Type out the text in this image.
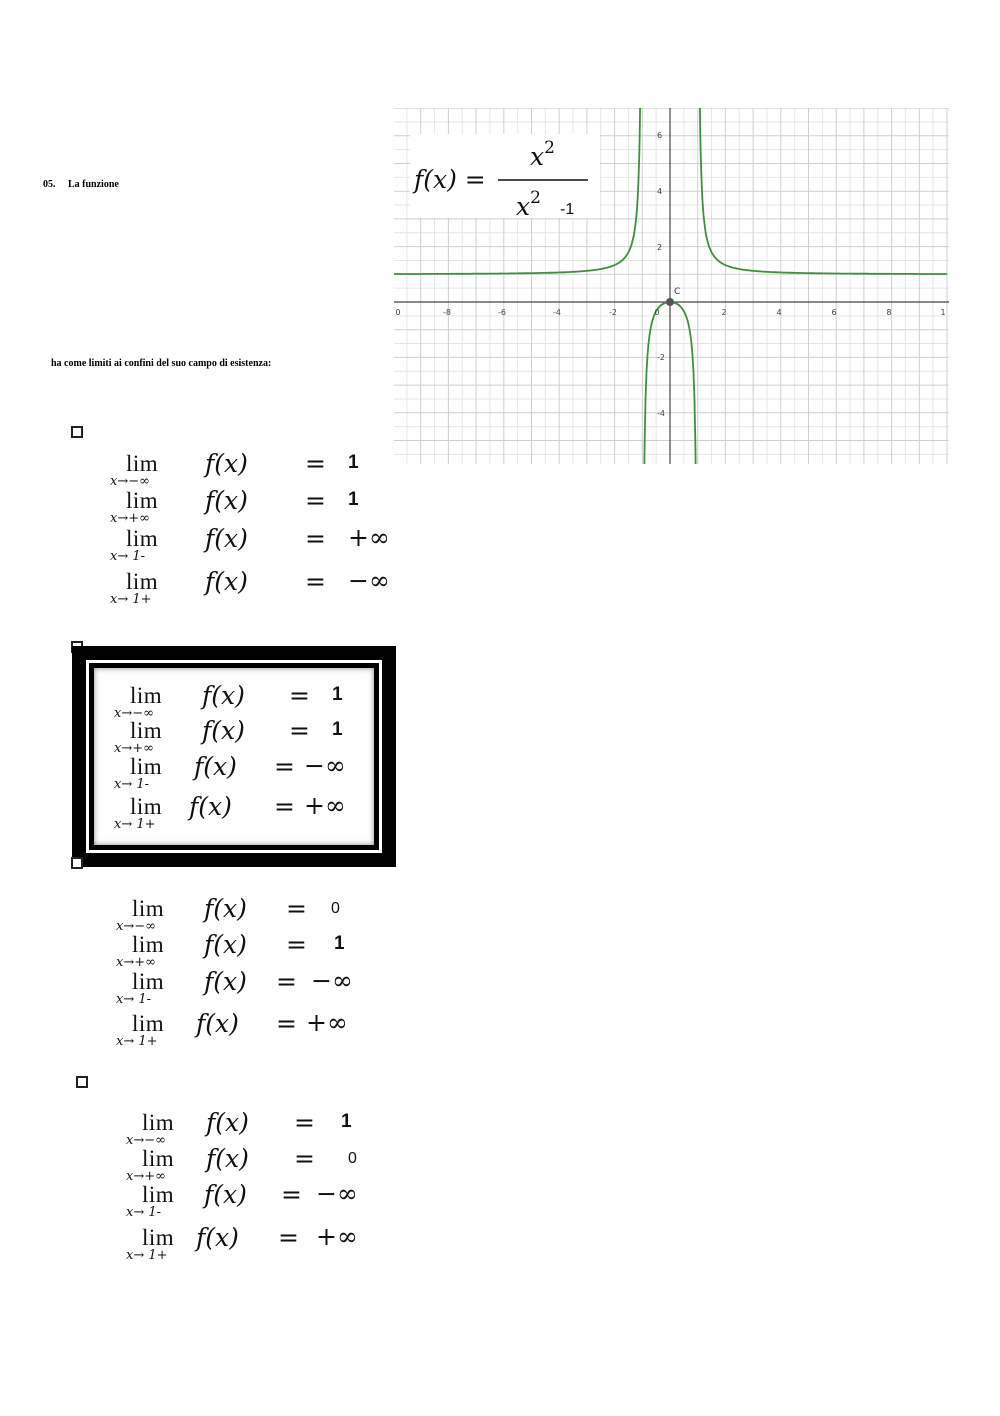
05. La funzione
ha come limiti ai confini del suo campo di esistenza:
f(x) =
$x^2$
$x^2$
-1
C
0	-8	-6	-4	-2	0	2	4	6	8	1
6
4
2
-2
-4
lim
x→−∞
f(x) = 1
lim
x→+∞
f(x) = 1
lim
x→ 1-
f(x) = +∞
lim
x→ 1+
f(x) = −∞
lim
x→−∞
f(x) = 1
lim
x→+∞
f(x) = 1
lim
x→ 1-
f(x) = −∞
lim
x→ 1+
f(x) = +∞
lim
x→−∞
f(x) = 0
lim
x→+∞
f(x) = 1
lim
x→ 1-
f(x) = −∞
lim
x→ 1+
f(x) = +∞
lim
x→−∞
f(x) = 1
lim
x→+∞
f(x) = 0
lim
x→ 1-
f(x) = −∞
lim
x→ 1+
f(x) = +∞
